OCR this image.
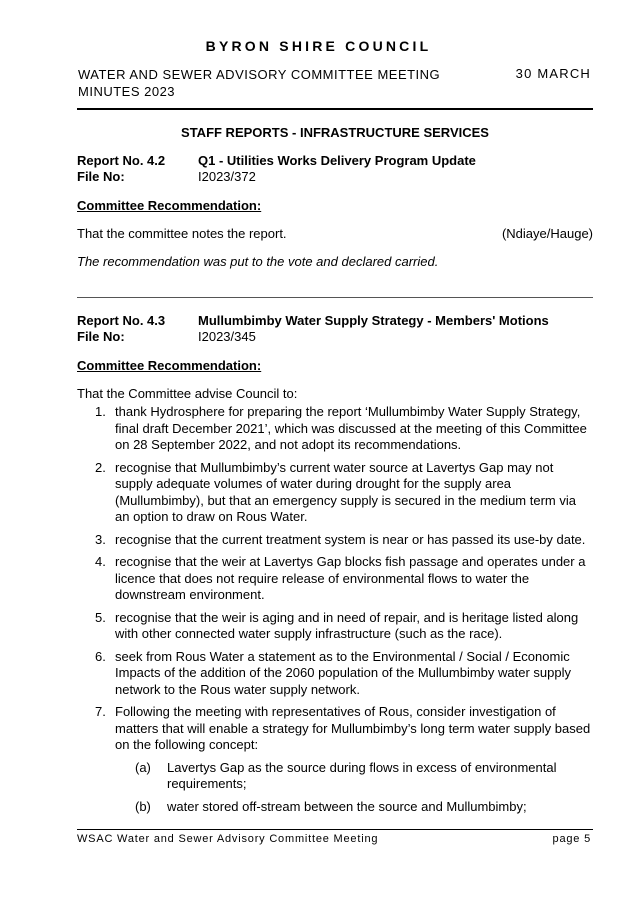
BYRON SHIRE COUNCIL
WATER AND SEWER ADVISORY COMMITTEE MEETING MINUTES 2023
30 MARCH
STAFF REPORTS - INFRASTRUCTURE SERVICES
Report No. 4.2	Q1 - Utilities Works Delivery Program Update
File No:	I2023/372
Committee Recommendation:
That the committee notes the report.	(Ndiaye/Hauge)
The recommendation was put to the vote and declared carried.
Report No. 4.3	Mullumbimby Water Supply Strategy - Members' Motions
File No:	I2023/345
Committee Recommendation:
That the Committee advise Council to:
1. thank Hydrosphere for preparing the report ‘Mullumbimby Water Supply Strategy, final draft December 2021’, which was discussed at the meeting of this Committee on 28 September 2022, and not adopt its recommendations.
2. recognise that Mullumbimby’s current water source at Lavertys Gap may not supply adequate volumes of water during drought for the supply area (Mullumbimby), but that an emergency supply is secured in the medium term via an option to draw on Rous Water.
3. recognise that the current treatment system is near or has passed its use-by date.
4. recognise that the weir at Lavertys Gap blocks fish passage and operates under a licence that does not require release of environmental flows to water the downstream environment.
5. recognise that the weir is aging and in need of repair, and is heritage listed along with other connected water supply infrastructure (such as the race).
6. seek from Rous Water a statement as to the Environmental / Social / Economic Impacts of the addition of the 2060 population of the Mullumbimby water supply network to the Rous water supply network.
7. Following the meeting with representatives of Rous, consider investigation of matters that will enable a strategy for Mullumbimby’s long term water supply based on the following concept:
(a)	Lavertys Gap as the source during flows in excess of environmental requirements;
(b)	water stored off-stream between the source and Mullumbimby;
WSAC Water and Sewer Advisory Committee Meeting	page 5
